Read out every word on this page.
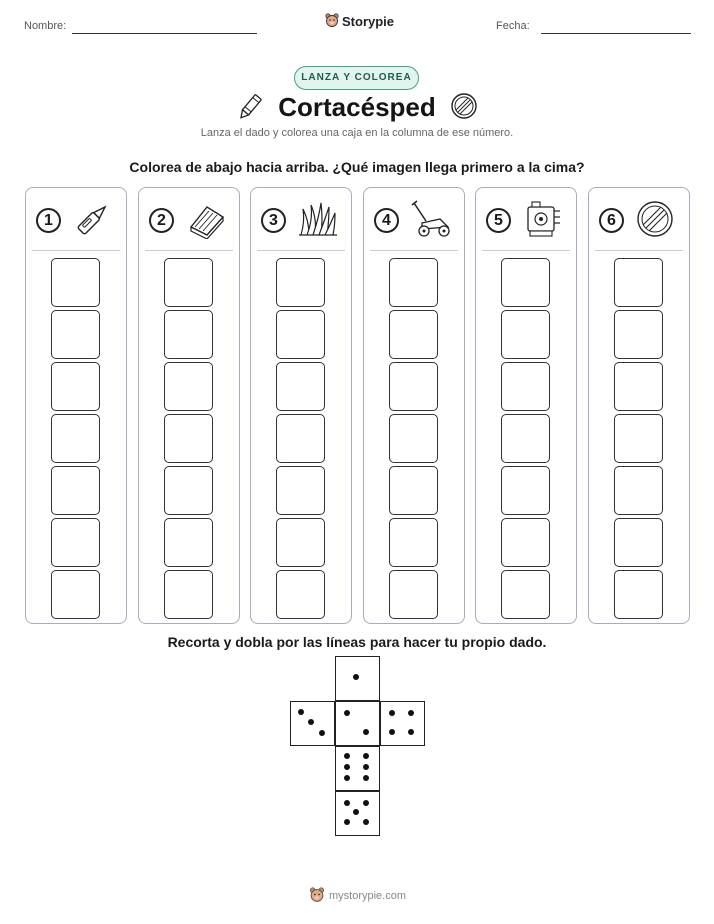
Nombre:	Storypie	Fecha:
LANZA Y COLOREA
Cortacésped
Lanza el dado y colorea una caja en la columna de ese número.
Colorea de abajo hacia arriba. ¿Qué imagen llega primero a la cima?
1	2	3	4	5	6
Recorta y dobla por las líneas para hacer tu propio dado.
mystorypie.com
